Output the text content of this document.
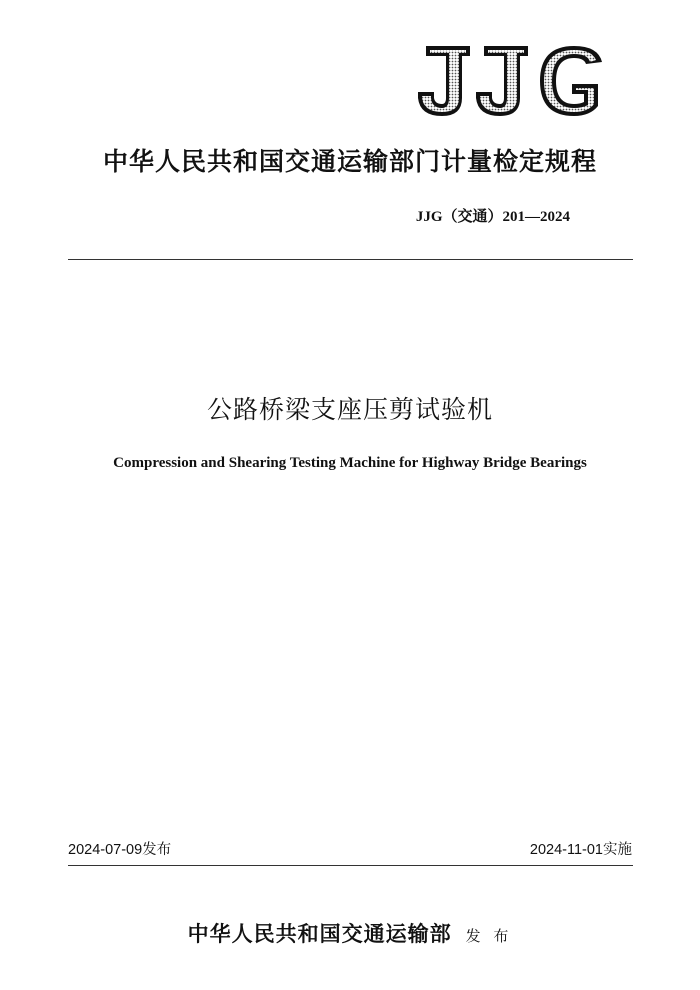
中华人民共和国交通运输部门计量检定规程
JJG（交通）201—2024
公路桥梁支座压剪试验机
Compression and Shearing Testing Machine for Highway Bridge Bearings
2024-07-09发布	2024-11-01实施
中华人民共和国交通运输部 发 布
